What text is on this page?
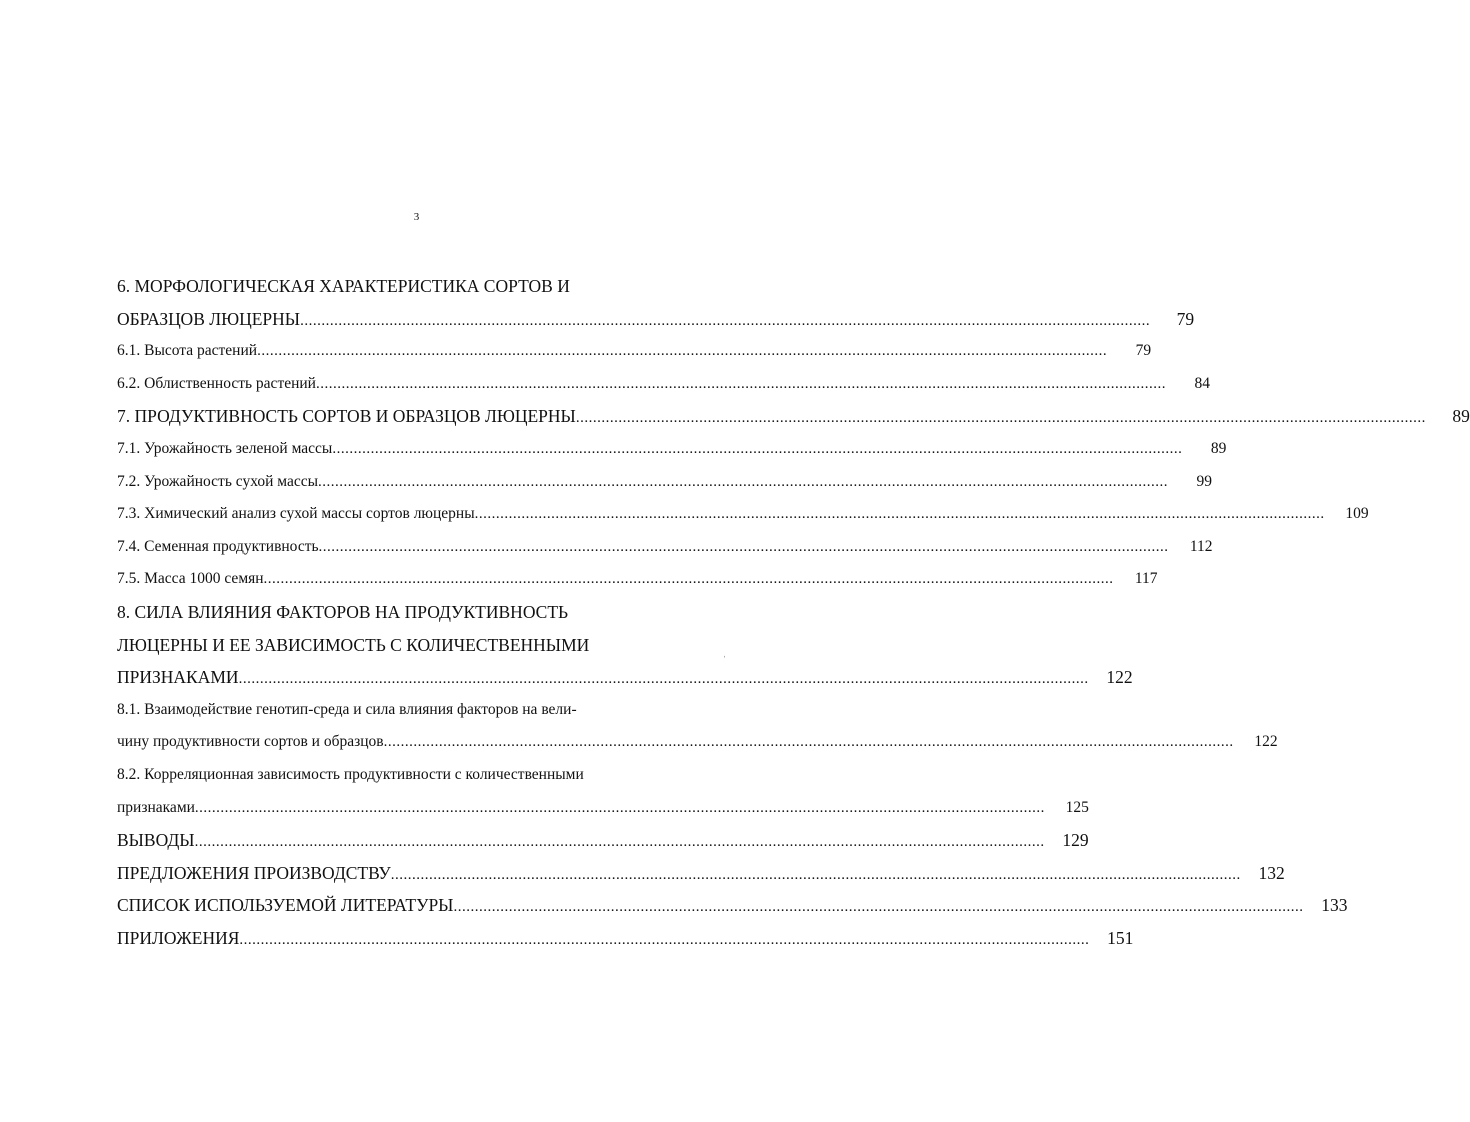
3
6. МОРФОЛОГИЧЕСКАЯ ХАРАКТЕРИСТИКА СОРТОВ И
ОБРАЗЦОВ ЛЮЦЕРНЫ ........................................................................................................................................................................................................	79
6.1. Высота растений ........................................................................................................................................................................................................	79
6.2. Облиственность растений ........................................................................................................................................................................................................	84
7. ПРОДУКТИВНОСТЬ СОРТОВ И ОБРАЗЦОВ ЛЮЦЕРНЫ ........................................................................................................................................................................................................	89
7.1. Урожайность зеленой массы ........................................................................................................................................................................................................	89
7.2. Урожайность сухой массы ........................................................................................................................................................................................................	99
7.3. Химический анализ сухой массы сортов люцерны ........................................................................................................................................................................................................	109
7.4. Семенная продуктивность ........................................................................................................................................................................................................	112
7.5. Масса 1000 семян ........................................................................................................................................................................................................	117
8. СИЛА ВЛИЯНИЯ ФАКТОРОВ НА ПРОДУКТИВНОСТЬ
ЛЮЦЕРНЫ И ЕЕ ЗАВИСИМОСТЬ С КОЛИЧЕСТВЕННЫМИ
ПРИЗНАКАМИ ........................................................................................................................................................................................................	122
8.1. Взаимодействие генотип-среда и сила влияния факторов на вели-
чину продуктивности сортов и образцов ........................................................................................................................................................................................................	122
8.2. Корреляционная зависимость продуктивности с количественными
признаками ........................................................................................................................................................................................................	125
ВЫВОДЫ ........................................................................................................................................................................................................	129
ПРЕДЛОЖЕНИЯ ПРОИЗВОДСТВУ ........................................................................................................................................................................................................	132
СПИСОК ИСПОЛЬЗУЕМОЙ ЛИТЕРАТУРЫ ........................................................................................................................................................................................................	133
ПРИЛОЖЕНИЯ ........................................................................................................................................................................................................	151
ˌ
